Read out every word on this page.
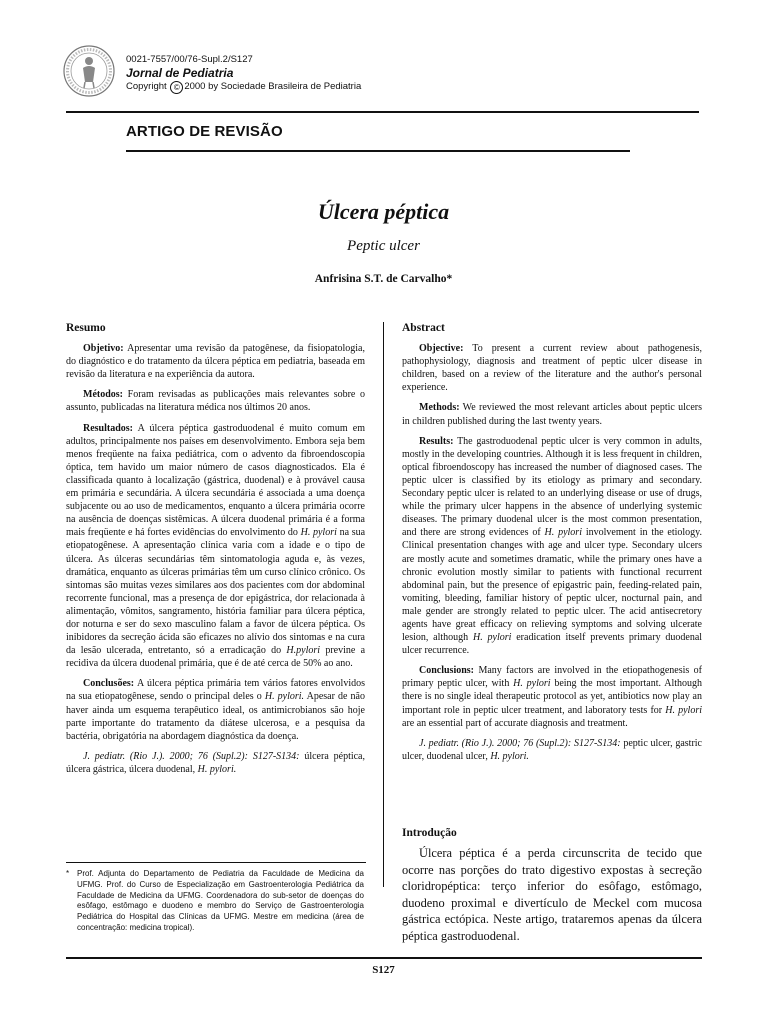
0021-7557/00/76-Supl.2/S127
Jornal de Pediatria
Copyright © 2000 by Sociedade Brasileira de Pediatria
ARTIGO DE REVISÃO
Úlcera péptica
Peptic ulcer
Anfrisina S.T. de Carvalho*
Resumo

Objetivo: Apresentar uma revisão da patogênese, da fisiopatologia, do diagnóstico e do tratamento da úlcera péptica em pediatria, baseada em revisão da literatura e na experiência da autora.

Métodos: Foram revisadas as publicações mais relevantes sobre o assunto, publicadas na literatura médica nos últimos 20 anos.

Resultados: A úlcera péptica gastroduodenal é muito comum em adultos, principalmente nos países em desenvolvimento. Embora seja bem menos freqüente na faixa pediátrica, com o advento da fibroendoscopia óptica, tem havido um maior número de casos diagnosticados. Ela é classificada quanto à localização (gástrica, duodenal) e à provável causa em primária e secundária. A úlcera secundária é associada a uma doença subjacente ou ao uso de medicamentos, enquanto a úlcera primária ocorre na ausência de doenças sistêmicas. A úlcera duodenal primária é a forma mais freqüente e há fortes evidências do envolvimento do H. pylori na sua etiopatogênese. A apresentação clínica varia com a idade e o tipo de úlcera. As úlceras secundárias têm sintomatologia aguda e, às vezes, dramática, enquanto as úlceras primárias têm um curso clínico crônico. Os sintomas são muitas vezes similares aos dos pacientes com dor abdominal recorrente funcional, mas a presença de dor epigástrica, dor relacionada à alimentação, vômitos, sangramento, história familiar para úlcera péptica, dor noturna e ser do sexo masculino falam a favor de úlcera péptica. Os inibidores da secreção ácida são eficazes no alívio dos sintomas e na cura da lesão ulcerada, entretanto, só a erradicação do H.pylori previne a recidiva da úlcera duodenal primária, que é de até cerca de 50% ao ano.

Conclusões: A úlcera péptica primária tem vários fatores envolvidos na sua etiopatogênese, sendo o principal deles o H. pylori. Apesar de não haver ainda um esquema terapêutico ideal, os antimicrobianos são hoje parte importante do tratamento da diátese ulcerosa, e a pesquisa da bactéria, obrigatória na abordagem diagnóstica da doença.

J. pediatr. (Rio J.). 2000; 76 (Supl.2): S127-S134: úlcera péptica, úlcera gástrica, úlcera duodenal, H. pylori.

Abstract

Objective: To present a current review about pathogenesis, pathophysiology, diagnosis and treatment of peptic ulcer disease in children, based on a review of the literature and the author's personal experience.

Methods: We reviewed the most relevant articles about peptic ulcers in children published during the last twenty years.

Results: The gastroduodenal peptic ulcer is very common in adults, mostly in the developing countries. Although it is less frequent in children, optical fibroendoscopy has increased the number of diagnosed cases. The peptic ulcer is classified by its etiology as primary and secondary. Secondary peptic ulcer is related to an underlying disease or use of drugs, while the primary ulcer happens in the absence of underlying systemic diseases. The primary duodenal ulcer is the most common presentation, and there are strong evidences of H. pylori involvement in the etiology. Clinical presentation changes with age and ulcer type. Secondary ulcers are mostly acute and sometimes dramatic, while the primary ones have a chronic evolution mostly similar to patients with functional recurrent abdominal pain, but the presence of epigastric pain, feeding-related pain, vomiting, bleeding, familiar history of peptic ulcer, nocturnal pain, and male gender are strongly related to peptic ulcer. The acid antisecretory agents have great efficacy on relieving symptoms and solving ulcerate lesion, although H. pylori eradication itself prevents primary duodenal ulcer recurrence.

Conclusions: Many factors are involved in the etiopathogenesis of primary peptic ulcer, with H. pylori being the most important. Although there is no single ideal therapeutic protocol as yet, antibiotics now play an important role in peptic ulcer treatment, and laboratory tests for H. pylori are an essential part of accurate diagnosis and treatment.

J. pediatr. (Rio J.). 2000; 76 (Supl.2): S127-S134: peptic ulcer, gastric ulcer, duodenal ulcer, H. pylori.

Introdução

Úlcera péptica é a perda circunscrita de tecido que ocorre nas porções do trato digestivo expostas à secreção cloridropéptica: terço inferior do esôfago, estômago, duodeno proximal e divertículo de Meckel com mucosa gástrica ectópica. Neste artigo, trataremos apenas da úlcera péptica gastroduodenal.

* Prof. Adjunta do Departamento de Pediatria da Faculdade de Medicina da UFMG. Prof. do Curso de Especialização em Gastroenterologia Pediátrica da Faculdade de Medicina da UFMG. Coordenadora do sub-setor de doenças do esôfago, estômago e duodeno e membro do Serviço de Gastroenterologia Pediátrica do Hospital das Clínicas da UFMG. Mestre em medicina (área de concentração: medicina tropical).
S127
